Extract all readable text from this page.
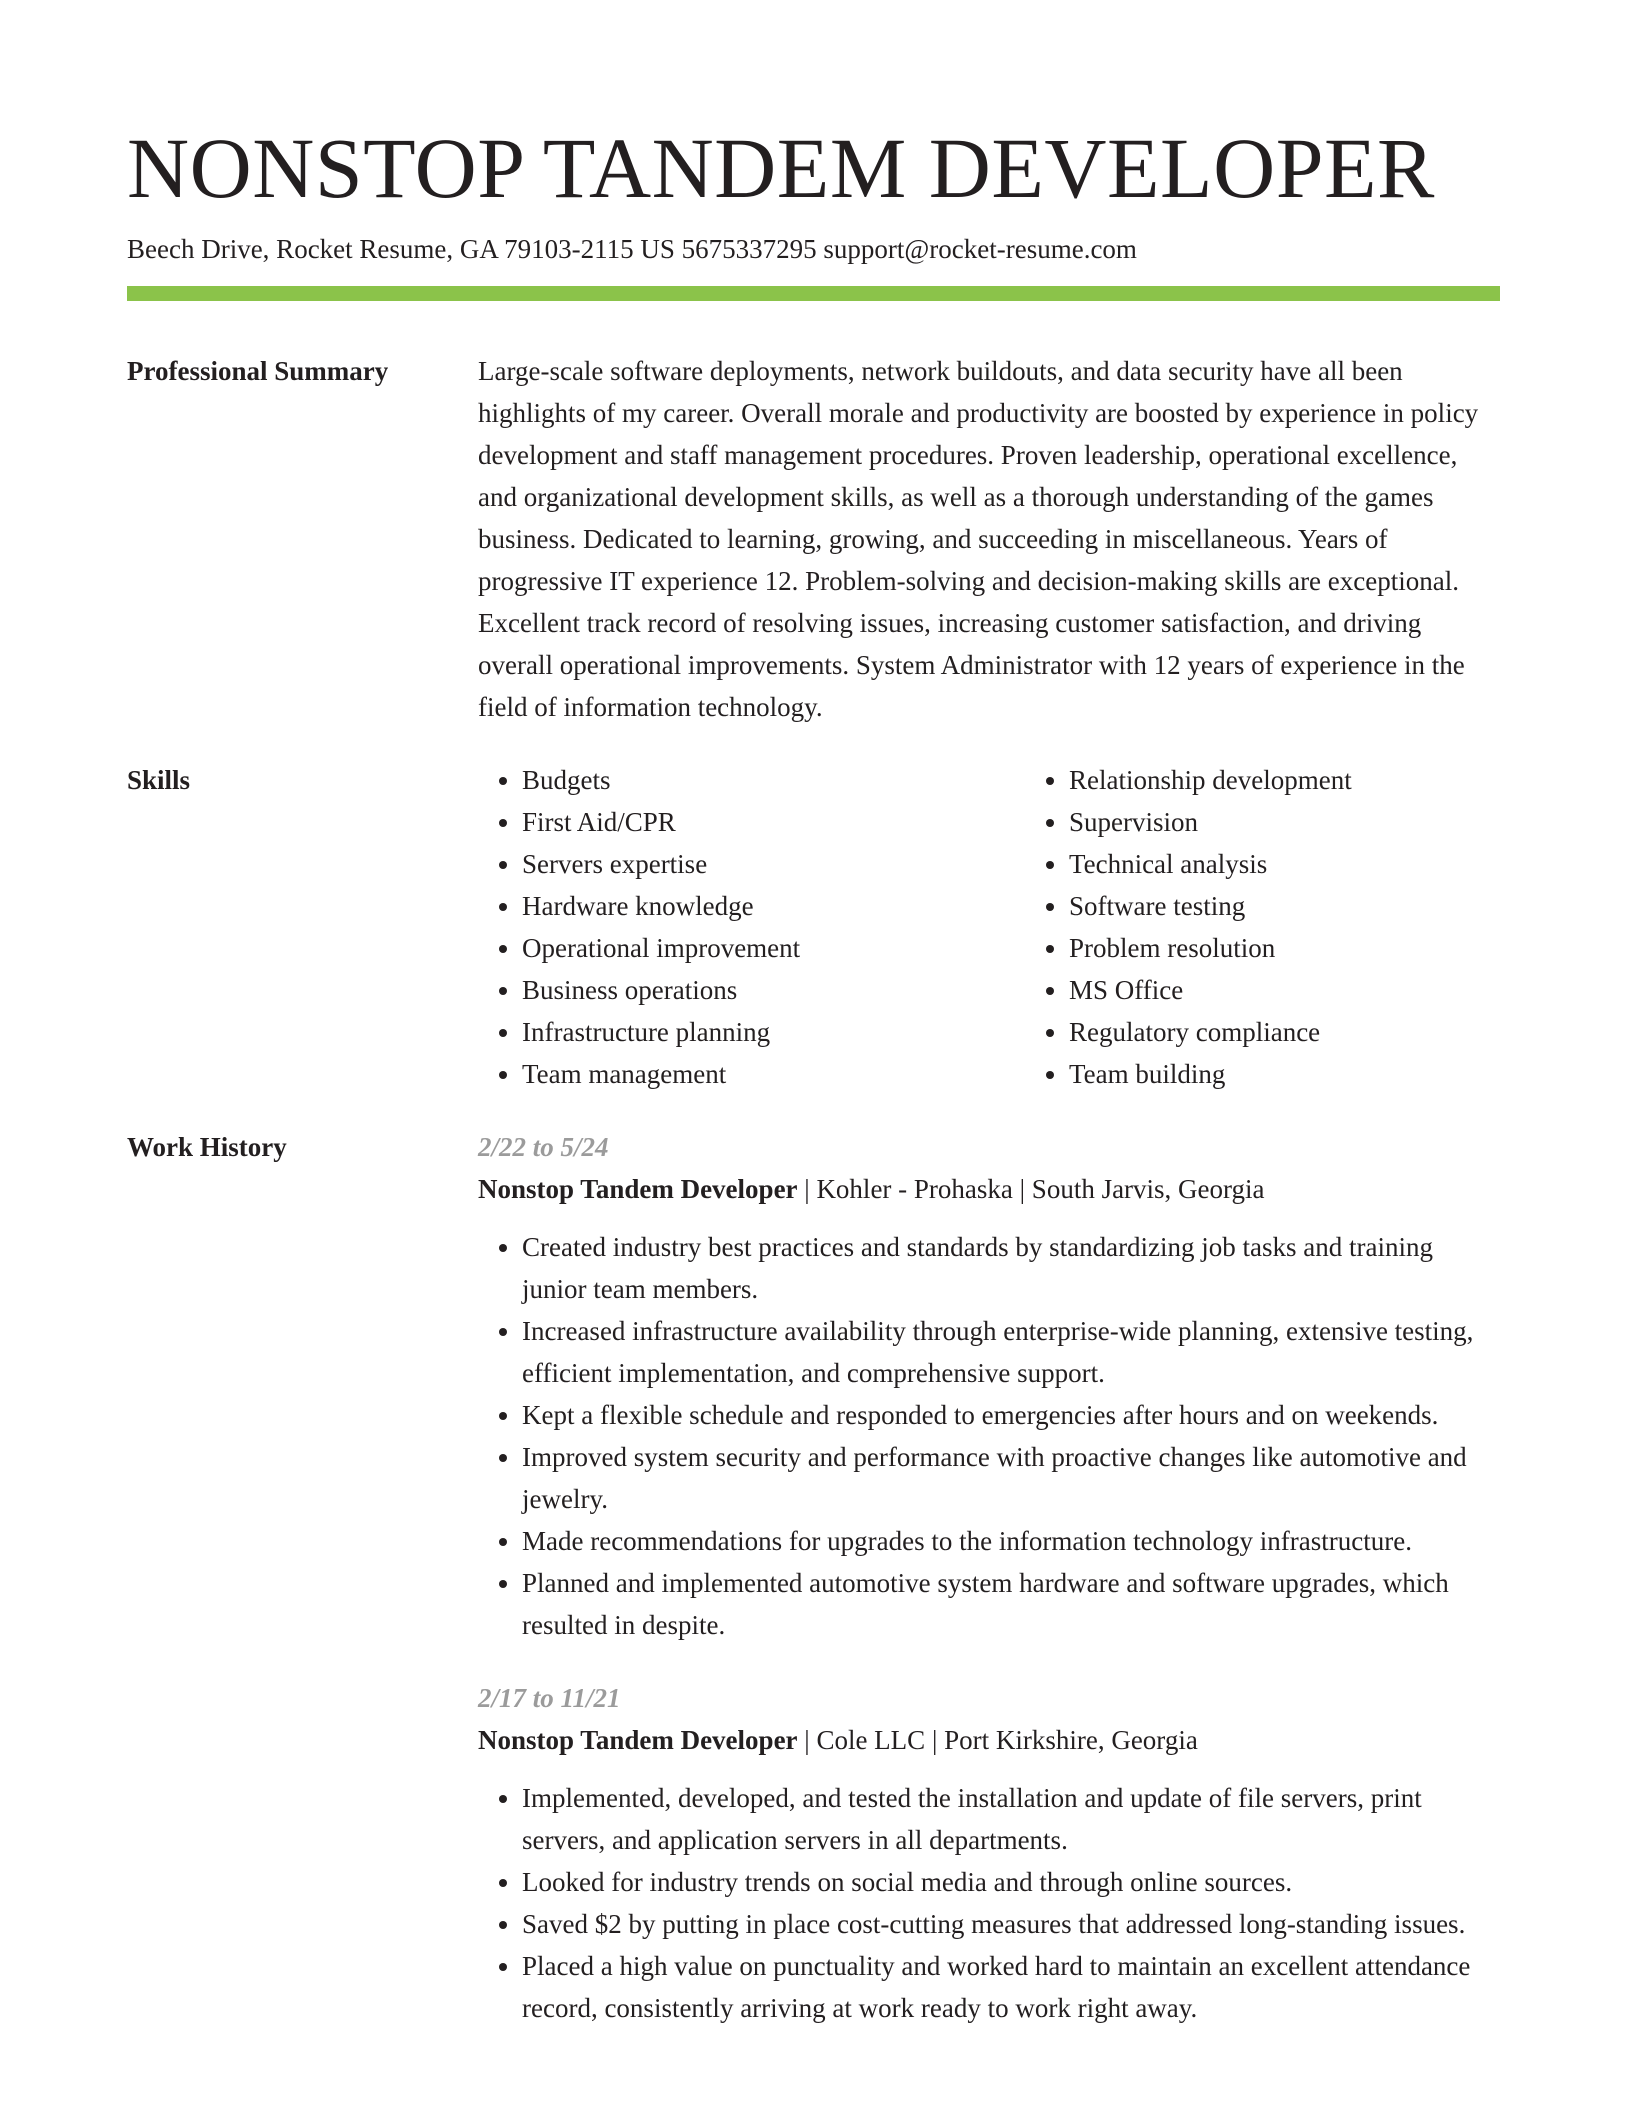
NONSTOP TANDEM DEVELOPER
Beech Drive, Rocket Resume, GA 79103-2115 US 5675337295 support@rocket-resume.com
Professional Summary	Large-scale software deployments, network buildouts, and data security have all been highlights of my career. Overall morale and productivity are boosted by experience in policy development and staff management procedures. Proven leadership, operational excellence, and organizational development skills, as well as a thorough understanding of the games business. Dedicated to learning, growing, and succeeding in miscellaneous. Years of progressive IT experience 12. Problem-solving and decision-making skills are exceptional. Excellent track record of resolving issues, increasing customer satisfaction, and driving overall operational improvements. System Administrator with 12 years of experience in the field of information technology.

Skills
•	Budgets
• First Aid/CPR
• Servers expertise
• Hardware knowledge
• Operational improvement
• Business operations
• Infrastructure planning
• Team management
• Relationship development
• Supervision
• Technical analysis
• Software testing
• Problem resolution
• MS Office
• Regulatory compliance
• Team building
Work History	2/22 to 5/24
Nonstop Tandem Developer | Kohler - Prohaska | South Jarvis, Georgia
• Created industry best practices and standards by standardizing job tasks and training junior team members.
• Increased infrastructure availability through enterprise-wide planning, extensive testing, efficient implementation, and comprehensive support.
• Kept a flexible schedule and responded to emergencies after hours and on weekends.
• Improved system security and performance with proactive changes like automotive and jewelry.
• Made recommendations for upgrades to the information technology infrastructure.
• Planned and implemented automotive system hardware and software upgrades, which resulted in despite.
2/17 to 11/21
Nonstop Tandem Developer | Cole LLC | Port Kirkshire, Georgia
• Implemented, developed, and tested the installation and update of file servers, print servers, and application servers in all departments.
• Looked for industry trends on social media and through online sources.
• Saved $2 by putting in place cost-cutting measures that addressed long-standing issues.
• Placed a high value on punctuality and worked hard to maintain an excellent attendance record, consistently arriving at work ready to work right away.
